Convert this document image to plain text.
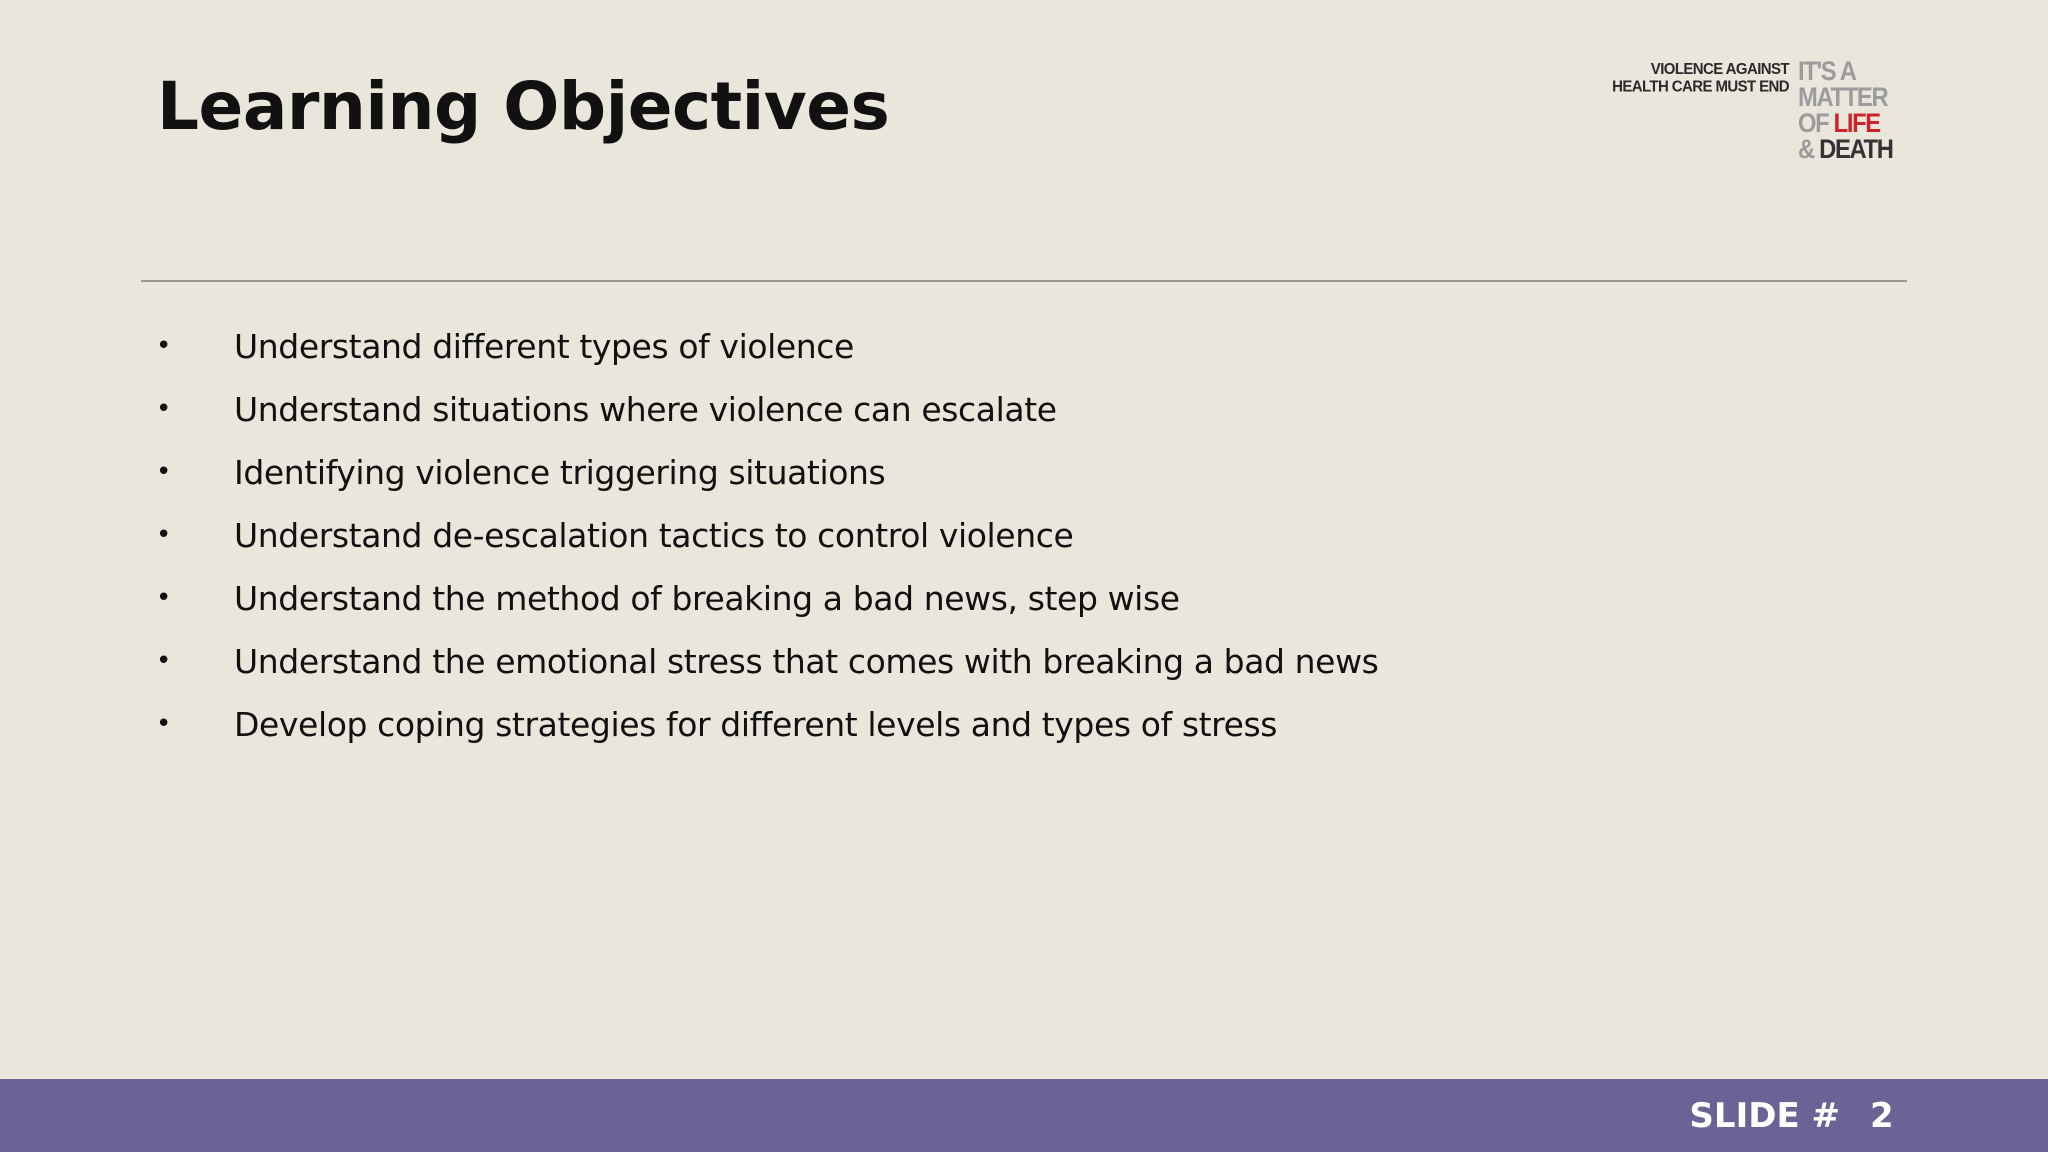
Learning Objectives	VIOLENCE AGAINST
HEALTH CARE MUST END
IT'S A
MATTER
OF LIFE
& DEATH
•	Understand different types of violence
•	Understand situations where violence can escalate
•	Identifying violence triggering situations
•	Understand de-escalation tactics to control violence
•	Understand the method of breaking a bad news, step wise
•	Understand the emotional stress that comes with breaking a bad news
•	Develop coping strategies for different levels and types of stress
SLIDE # 2
